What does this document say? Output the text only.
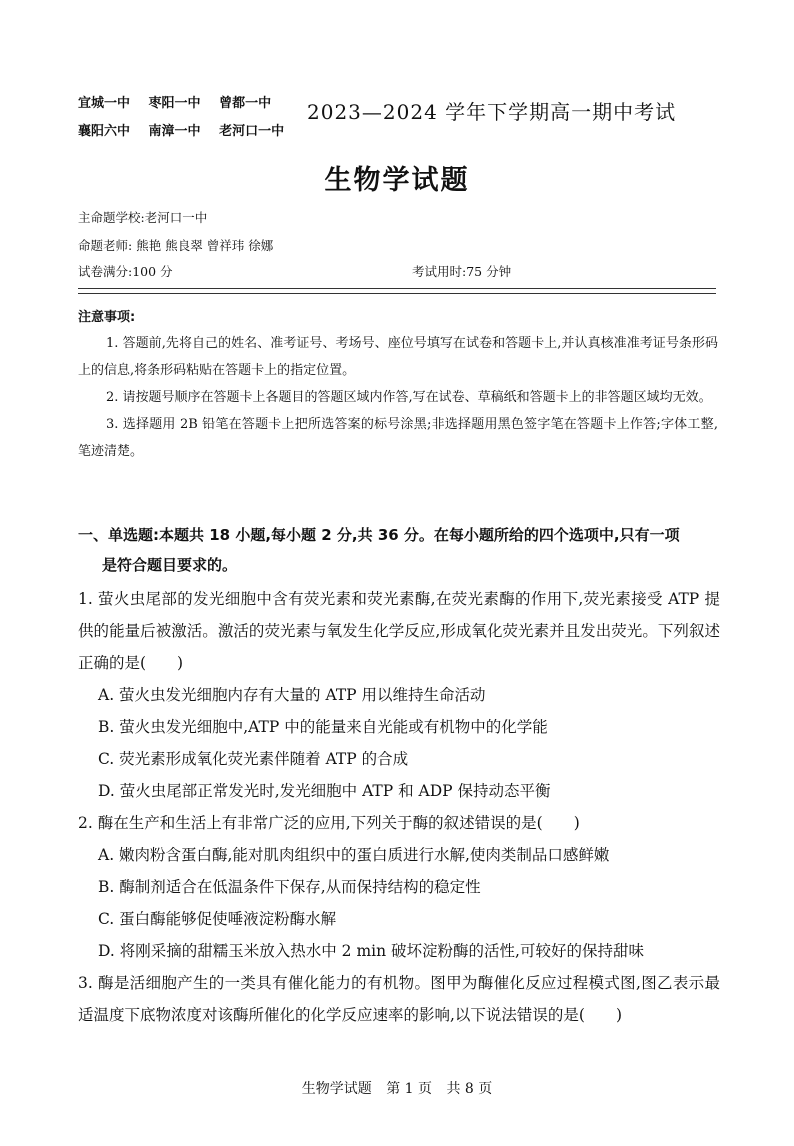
宜城一中 枣阳一中 曾都一中
襄阳六中 南漳一中 老河口一中
2023—2024 学年下学期高一期中考试
生物学试题
主命题学校:老河口一中
命题老师: 熊艳 熊良翠 曾祥玮 徐娜
试卷满分:100 分	考试用时:75 分钟
注意事项:

1. 答题前,先将自己的姓名、准考证号、考场号、座位号填写在试卷和答题卡上,并认真核准准考证号条形码上的信息,将条形码粘贴在答题卡上的指定位置。

2. 请按题号顺序在答题卡上各题目的答题区域内作答,写在试卷、草稿纸和答题卡上的非答题区域均无效。

3. 选择题用 2B 铅笔在答题卡上把所选答案的标号涂黑;非选择题用黑色签字笔在答题卡上作答;字体工整,笔迹清楚。

一、单选题:本题共 18 小题,每小题 2 分,共 36 分。在每小题所给的四个选项中,只有一项
是符合题目要求的。

1. 萤火虫尾部的发光细胞中含有荧光素和荧光素酶,在荧光素酶的作用下,荧光素接受 ATP 提供的能量后被激活。激活的荧光素与氧发生化学反应,形成氧化荧光素并且发出荧光。下列叙述正确的是(　　)

A. 萤火虫发光细胞内存有大量的 ATP 用以维持生命活动

B. 萤火虫发光细胞中,ATP 中的能量来自光能或有机物中的化学能

C. 荧光素形成氧化荧光素伴随着 ATP 的合成

D. 萤火虫尾部正常发光时,发光细胞中 ATP 和 ADP 保持动态平衡

2. 酶在生产和生活上有非常广泛的应用,下列关于酶的叙述错误的是(　　)

A. 嫩肉粉含蛋白酶,能对肌肉组织中的蛋白质进行水解,使肉类制品口感鲜嫩

B. 酶制剂适合在低温条件下保存,从而保持结构的稳定性

C. 蛋白酶能够促使唾液淀粉酶水解

D. 将刚采摘的甜糯玉米放入热水中 2 min 破坏淀粉酶的活性,可较好的保持甜味

3. 酶是活细胞产生的一类具有催化能力的有机物。图甲为酶催化反应过程模式图,图乙表示最适温度下底物浓度对该酶所催化的化学反应速率的影响,以下说法错误的是(　　)

生物学试题 第 1 页 共 8 页
